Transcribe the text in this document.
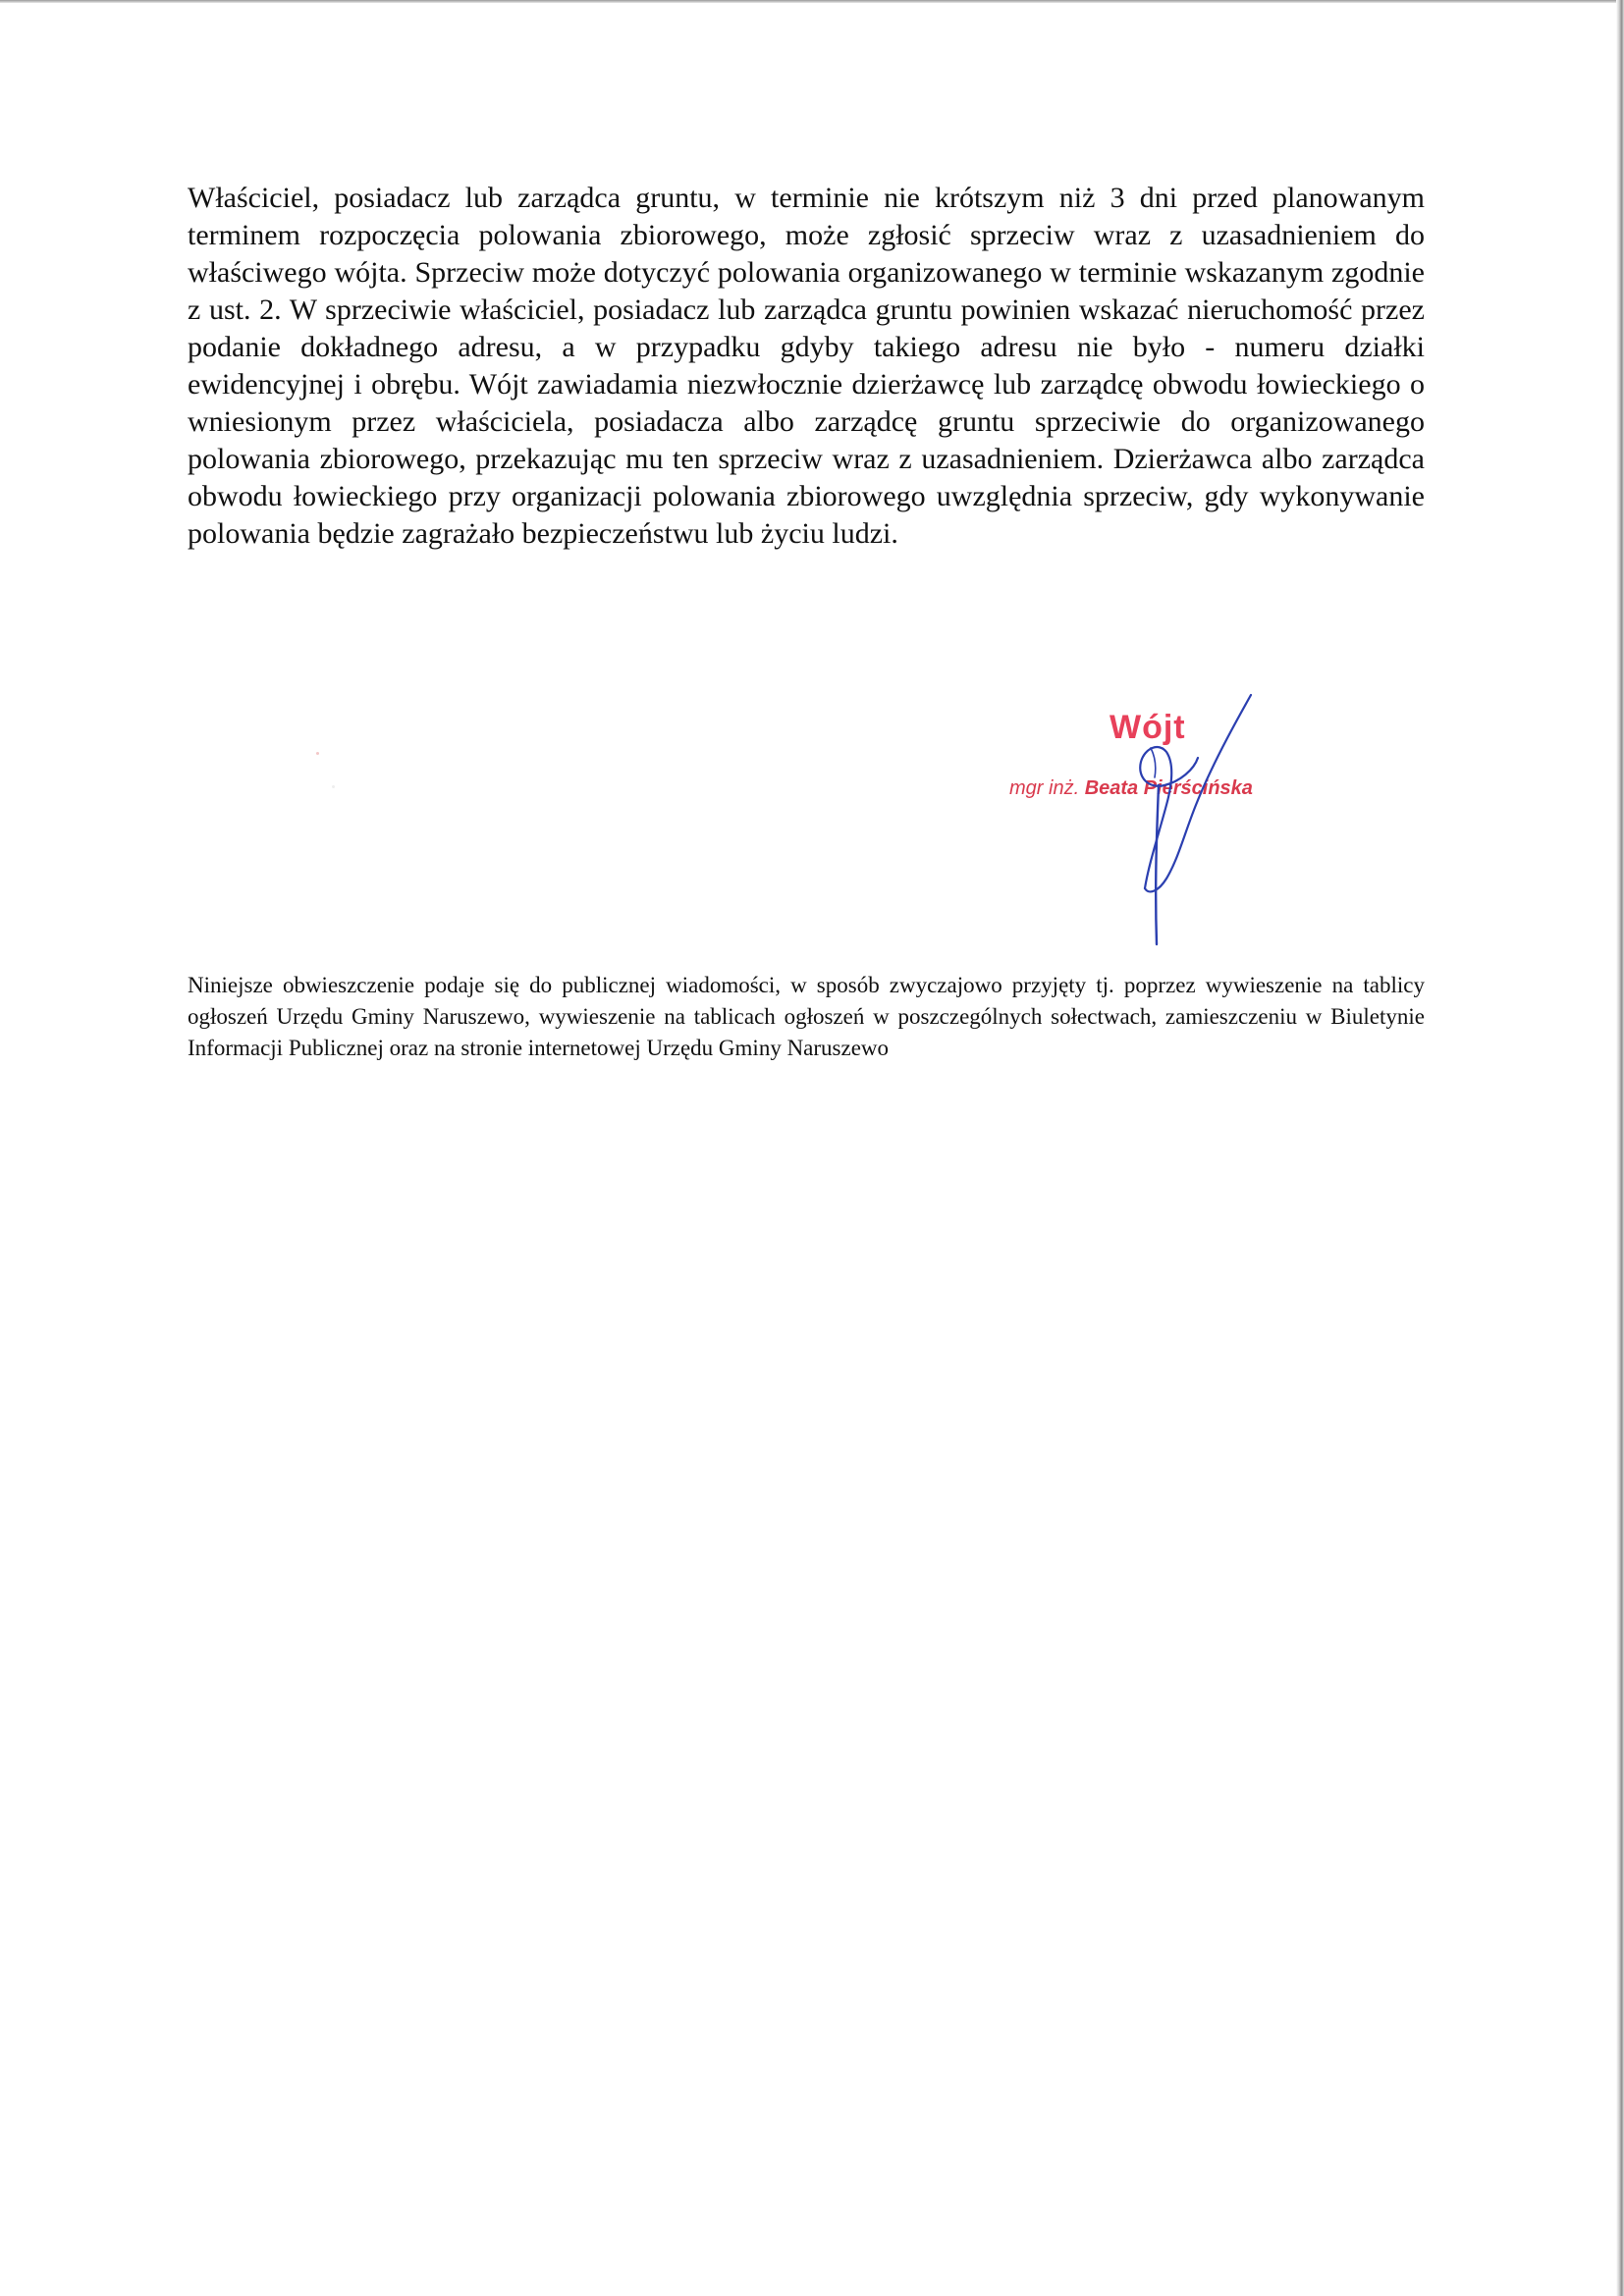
Właściciel, posiadacz lub zarządca gruntu, w terminie nie krótszym niż 3 dni przed planowanym terminem rozpoczęcia polowania zbiorowego, może zgłosić sprzeciw wraz z uzasadnieniem do właściwego wójta. Sprzeciw może dotyczyć polowania organizowanego w terminie wskazanym zgodnie z ust. 2. W sprzeciwie właściciel, posiadacz lub zarządca gruntu powinien wskazać nieruchomość przez podanie dokładnego adresu, a w przypadku gdyby takiego adresu nie było - numeru działki ewidencyjnej i obrębu. Wójt zawiadamia niezwłocznie dzierżawcę lub zarządcę obwodu łowieckiego o wniesionym przez właściciela, posiadacza albo zarządcę gruntu sprzeciwie do organizowanego polowania zbiorowego, przekazując mu ten sprzeciw wraz z uzasadnieniem. Dzierżawca albo zarządca obwodu łowieckiego przy organizacji polowania zbiorowego uwzględnia sprzeciw, gdy wykonywanie polowania będzie zagrażało bezpieczeństwu lub życiu ludzi.

Wójt
mgr inż. Beata Pierścińska

Niniejsze obwieszczenie podaje się do publicznej wiadomości, w sposób zwyczajowo przyjęty tj. poprzez wywieszenie na tablicy ogłoszeń Urzędu Gminy Naruszewo, wywieszenie na tablicach ogłoszeń w poszczególnych sołectwach, zamieszczeniu w Biuletynie Informacji Publicznej oraz na stronie internetowej Urzędu Gminy Naruszewo
